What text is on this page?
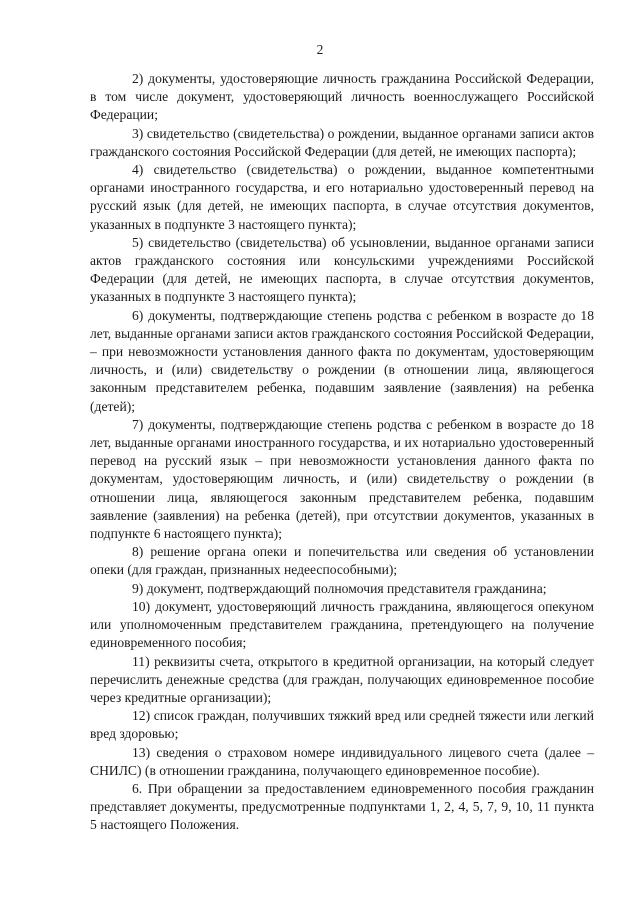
2

2) документы, удостоверяющие личность гражданина Российской Федерации, в том числе документ, удостоверяющий личность военнослужащего Российской Федерации;

3) свидетельство (свидетельства) о рождении, выданное органами записи актов гражданского состояния Российской Федерации (для детей, не имеющих паспорта);

4) свидетельство (свидетельства) о рождении, выданное компетентными органами иностранного государства, и его нотариально удостоверенный перевод на русский язык (для детей, не имеющих паспорта, в случае отсутствия документов, указанных в подпункте 3 настоящего пункта);

5) свидетельство (свидетельства) об усыновлении, выданное органами записи актов гражданского состояния или консульскими учреждениями Российской Федерации (для детей, не имеющих паспорта, в случае отсутствия документов, указанных в подпункте 3 настоящего пункта);

6) документы, подтверждающие степень родства с ребенком в возрасте до 18 лет, выданные органами записи актов гражданского состояния Российской Федерации, – при невозможности установления данного факта по документам, удостоверяющим личность, и (или) свидетельству о рождении (в отношении лица, являющегося законным представителем ребенка, подавшим заявление (заявления) на ребенка (детей);

7) документы, подтверждающие степень родства с ребенком в возрасте до 18 лет, выданные органами иностранного государства, и их нотариально удостоверенный перевод на русский язык – при невозможности установления данного факта по документам, удостоверяющим личность, и (или) свидетельству о рождении (в отношении лица, являющегося законным представителем ребенка, подавшим заявление (заявления) на ребенка (детей), при отсутствии документов, указанных в подпункте 6 настоящего пункта);

8) решение органа опеки и попечительства или сведения об установлении опеки (для граждан, признанных недееспособными);

9) документ, подтверждающий полномочия представителя гражданина;

10) документ, удостоверяющий личность гражданина, являющегося опекуном или уполномоченным представителем гражданина, претендующего на получение единовременного пособия;

11) реквизиты счета, открытого в кредитной организации, на который следует перечислить денежные средства (для граждан, получающих единовременное пособие через кредитные организации);

12) список граждан, получивших тяжкий вред или средней тяжести или легкий вред здоровью;

13) сведения о страховом номере индивидуального лицевого счета (далее – СНИЛС) (в отношении гражданина, получающего единовременное пособие).

6. При обращении за предоставлением единовременного пособия гражданин представляет документы, предусмотренные подпунктами 1, 2, 4, 5, 7, 9, 10, 11 пункта 5 настоящего Положения.
